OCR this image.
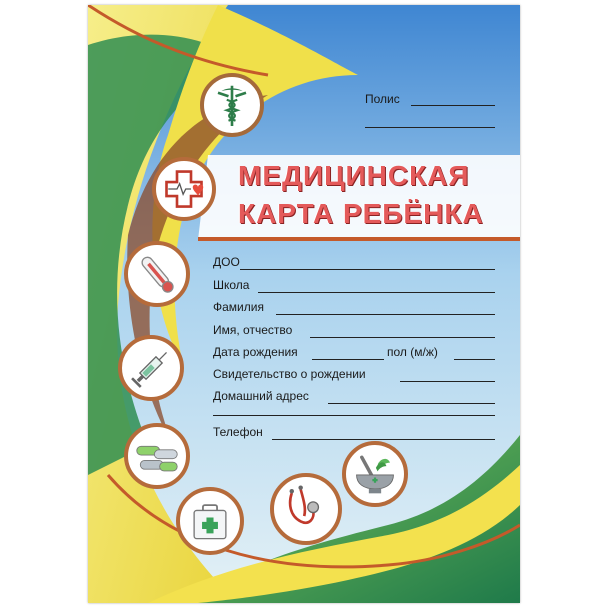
Полис
МЕДИЦИНСКАЯ
КАРТА РЕБЁНКА
ДОО
Школа
Фамилия
Имя, отчество
Дата рождения	пол (м/ж)
Свидетельство о рождении
Домашний адрес
Телефон
